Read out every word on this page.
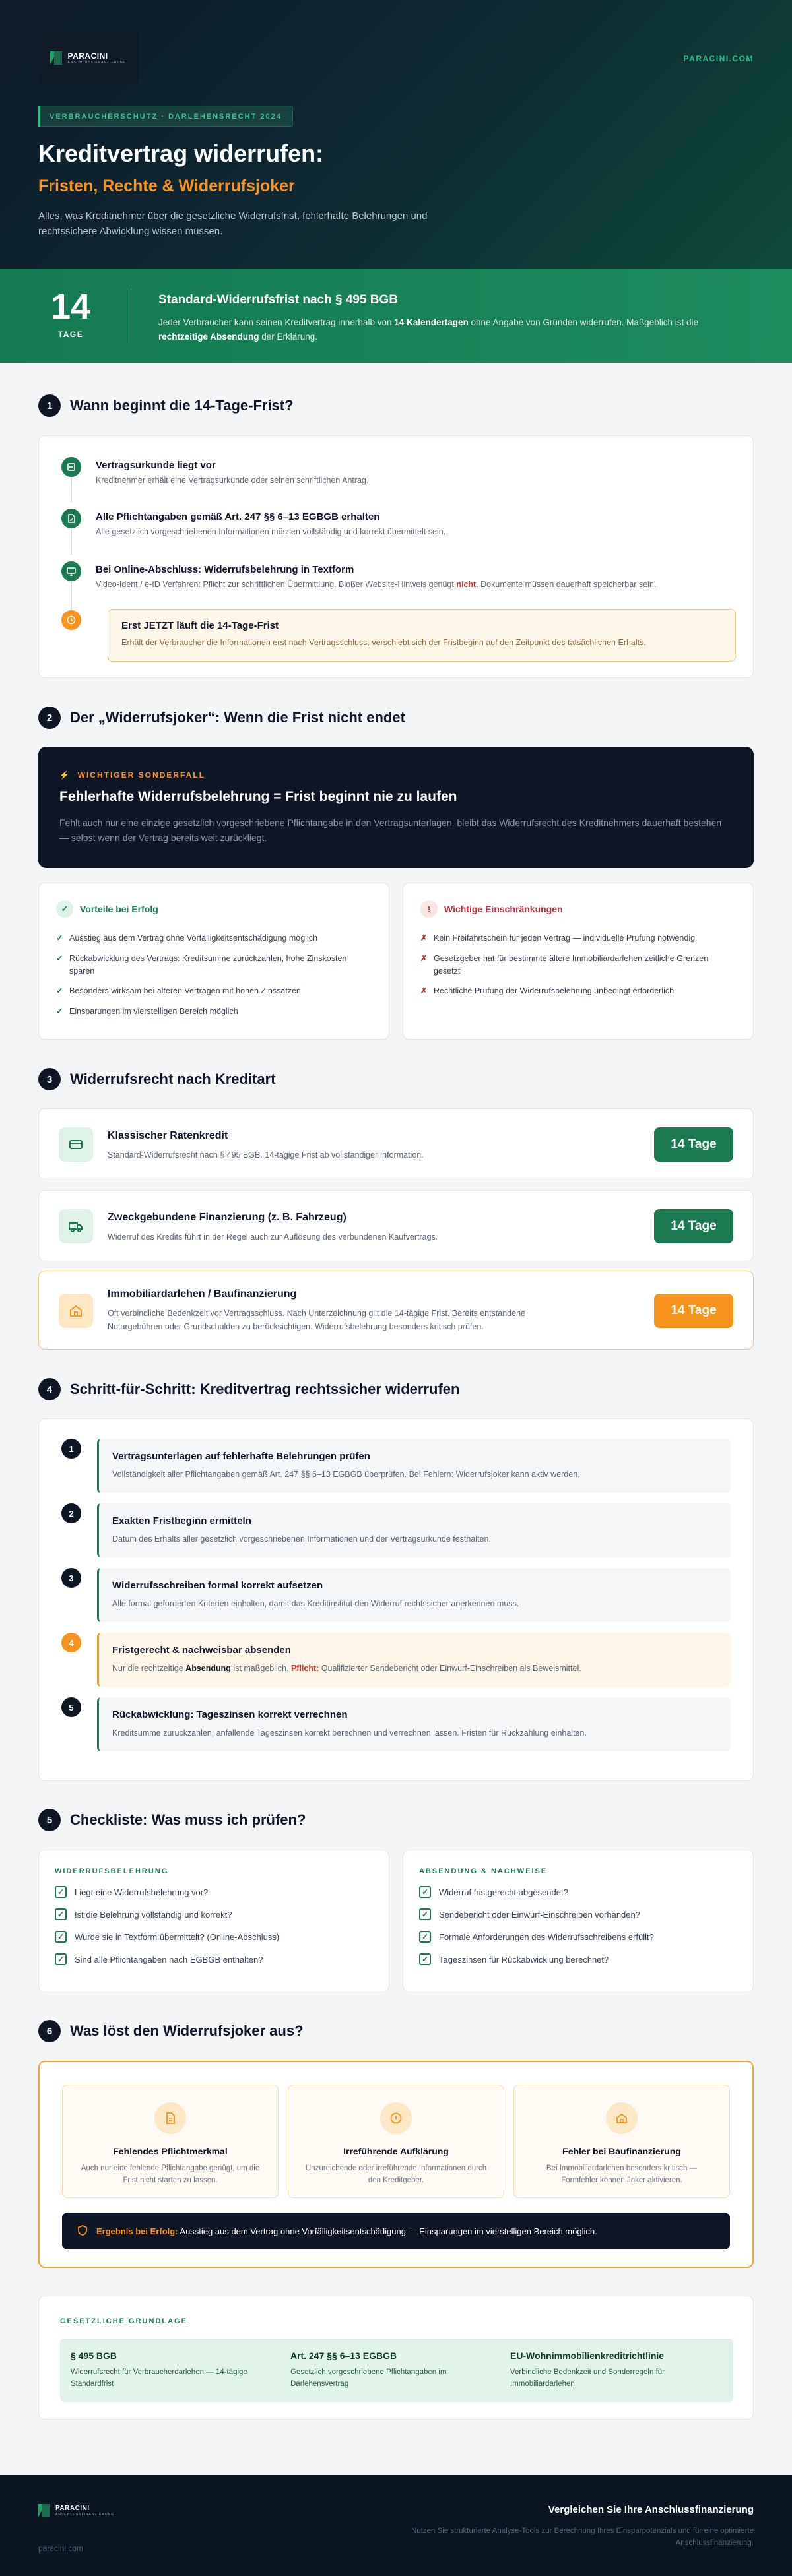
PARACINI
ANSCHLUSSFINANZIERUNG	PARACINI.COM
VERBRAUCHERSCHUTZ · DARLEHENSRECHT 2024
Kreditvertrag widerrufen:
Fristen, Rechte & Widerrufsjoker

Alles, was Kreditnehmer über die gesetzliche Widerrufsfrist, fehlerhafte Belehrungen und rechtssichere Abwicklung wissen müssen.

14
TAGE
Standard-Widerrufsfrist nach § 495 BGB
Jeder Verbraucher kann seinen Kreditvertrag innerhalb von 14 Kalendertagen ohne Angabe von Gründen widerrufen. Maßgeblich ist die rechtzeitige Absendung der Erklärung.
1	Wann beginnt die 14-Tage-Frist?
Vertragsurkunde liegt vor
Kreditnehmer erhält eine Vertragsurkunde oder seinen schriftlichen Antrag.
Alle Pflichtangaben gemäß Art. 247 §§ 6–13 EGBGB erhalten
Alle gesetzlich vorgeschriebenen Informationen müssen vollständig und korrekt übermittelt sein.
Bei Online-Abschluss: Widerrufsbelehrung in Textform
Video-Ident / e-ID Verfahren: Pflicht zur schriftlichen Übermittlung. Bloßer Website-Hinweis genügt nicht. Dokumente müssen dauerhaft speicherbar sein.
Erst JETZT läuft die 14-Tage-Frist
Erhält der Verbraucher die Informationen erst nach Vertragsschluss, verschiebt sich der Fristbeginn auf den Zeitpunkt des tatsächlichen Erhalts.
2	Der „Widerrufsjoker“: Wenn die Frist nicht endet
⚡ WICHTIGER SONDERFALL
Fehlerhafte Widerrufsbelehrung = Frist beginnt nie zu laufen
Fehlt auch nur eine einzige gesetzlich vorgeschriebene Pflichtangabe in den Vertragsunterlagen, bleibt das Widerrufsrecht des Kreditnehmers dauerhaft bestehen — selbst wenn der Vertrag bereits weit zurückliegt.
✓	Vorteile bei Erfolg
✓ Ausstieg aus dem Vertrag ohne Vorfälligkeitsentschädigung möglich
✓ Rückabwicklung des Vertrags: Kreditsumme zurückzahlen, hohe Zinskosten sparen
✓ Besonders wirksam bei älteren Verträgen mit hohen Zinssätzen
✓ Einsparungen im vierstelligen Bereich möglich
!	Wichtige Einschränkungen
✗ Kein Freifahrtschein für jeden Vertrag — individuelle Prüfung notwendig
✗ Gesetzgeber hat für bestimmte ältere Immobiliardarlehen zeitliche Grenzen gesetzt
✗ Rechtliche Prüfung der Widerrufsbelehrung unbedingt erforderlich
3	Widerrufsrecht nach Kreditart
Klassischer Ratenkredit
Standard-Widerrufsrecht nach § 495 BGB. 14-tägige Frist ab vollständiger Information.
14 Tage
Zweckgebundene Finanzierung (z. B. Fahrzeug)
Widerruf des Kredits führt in der Regel auch zur Auflösung des verbundenen Kaufvertrags.
14 Tage
Immobiliardarlehen / Baufinanzierung
Oft verbindliche Bedenkzeit vor Vertragsschluss. Nach Unterzeichnung gilt die 14-tägige Frist. Bereits entstandene Notargebühren oder Grundschulden zu berücksichtigen. Widerrufsbelehrung besonders kritisch prüfen.
14 Tage
4	Schritt-für-Schritt: Kreditvertrag rechtssicher widerrufen
1
Vertragsunterlagen auf fehlerhafte Belehrungen prüfen
Vollständigkeit aller Pflichtangaben gemäß Art. 247 §§ 6–13 EGBGB überprüfen. Bei Fehlern: Widerrufsjoker kann aktiv werden.
2
Exakten Fristbeginn ermitteln
Datum des Erhalts aller gesetzlich vorgeschriebenen Informationen und der Vertragsurkunde festhalten.
3
Widerrufsschreiben formal korrekt aufsetzen
Alle formal geforderten Kriterien einhalten, damit das Kreditinstitut den Widerruf rechtssicher anerkennen muss.
4
Fristgerecht & nachweisbar absenden
Nur die rechtzeitige Absendung ist maßgeblich. Pflicht: Qualifizierter Sendebericht oder Einwurf-Einschreiben als Beweismittel.
5
Rückabwicklung: Tageszinsen korrekt verrechnen
Kreditsumme zurückzahlen, anfallende Tageszinsen korrekt berechnen und verrechnen lassen. Fristen für Rückzahlung einhalten.
5	Checkliste: Was muss ich prüfen?
WIDERRUFSBELEHRUNG
✓	Liegt eine Widerrufsbelehrung vor?
✓	Ist die Belehrung vollständig und korrekt?
✓	Wurde sie in Textform übermittelt? (Online-Abschluss)
✓	Sind alle Pflichtangaben nach EGBGB enthalten?
ABSENDUNG & NACHWEISE
✓	Widerruf fristgerecht abgesendet?
✓	Sendebericht oder Einwurf-Einschreiben vorhanden?
✓	Formale Anforderungen des Widerrufsschreibens erfüllt?
✓	Tageszinsen für Rückabwicklung berechnet?
6	Was löst den Widerrufsjoker aus?
Fehlendes Pflichtmerkmal
Auch nur eine fehlende Pflichtangabe genügt, um die Frist nicht starten zu lassen.
Irreführende Aufklärung
Unzureichende oder irreführende Informationen durch den Kreditgeber.
Fehler bei Baufinanzierung
Bei Immobiliardarlehen besonders kritisch — Formfehler können Joker aktivieren.
Ergebnis bei Erfolg: Ausstieg aus dem Vertrag ohne Vorfälligkeitsentschädigung — Einsparungen im vierstelligen Bereich möglich.
GESETZLICHE GRUNDLAGE
§ 495 BGB
Widerrufsrecht für Verbraucherdarlehen — 14-tägige Standardfrist
Art. 247 §§ 6–13 EGBGB
Gesetzlich vorgeschriebene Pflichtangaben im Darlehensvertrag
EU-Wohnimmobilienkreditrichtlinie
Verbindliche Bedenkzeit und Sonderregeln für Immobiliardarlehen
PARACINI
ANSCHLUSSFINANZIERUNG
paracini.com
Vergleichen Sie Ihre Anschlussfinanzierung
Nutzen Sie strukturierte Analyse-Tools zur Berechnung Ihres Einsparpotenzials und für eine optimierte Anschlussfinanzierung.
